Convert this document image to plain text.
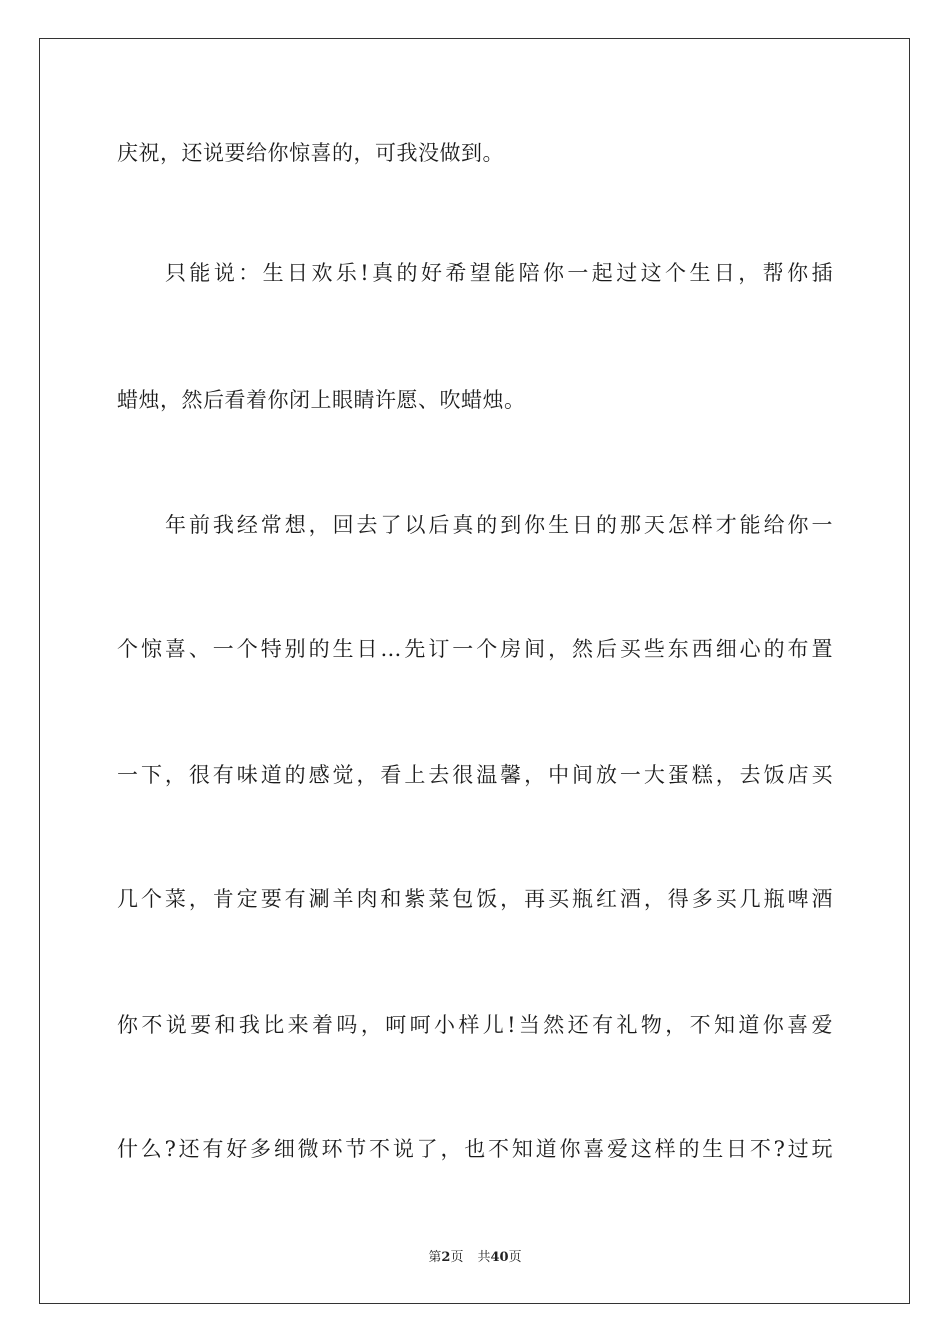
庆祝，还说要给你惊喜的，可我没做到。
只能说：生日欢乐!真的好希望能陪你一起过这个生日，帮你插
蜡烛，然后看着你闭上眼睛许愿、吹蜡烛。
年前我经常想，回去了以后真的到你生日的那天怎样才能给你一
个惊喜、一个特别的生日…先订一个房间，然后买些东西细心的布置
一下，很有味道的感觉，看上去很温馨，中间放一大蛋糕，去饭店买
几个菜，肯定要有涮羊肉和紫菜包饭，再买瓶红酒，得多买几瓶啤酒
你不说要和我比来着吗，呵呵小样儿!当然还有礼物，不知道你喜爱
什么?还有好多细微环节不说了，也不知道你喜爱这样的生日不?过玩
第2页 共40页
